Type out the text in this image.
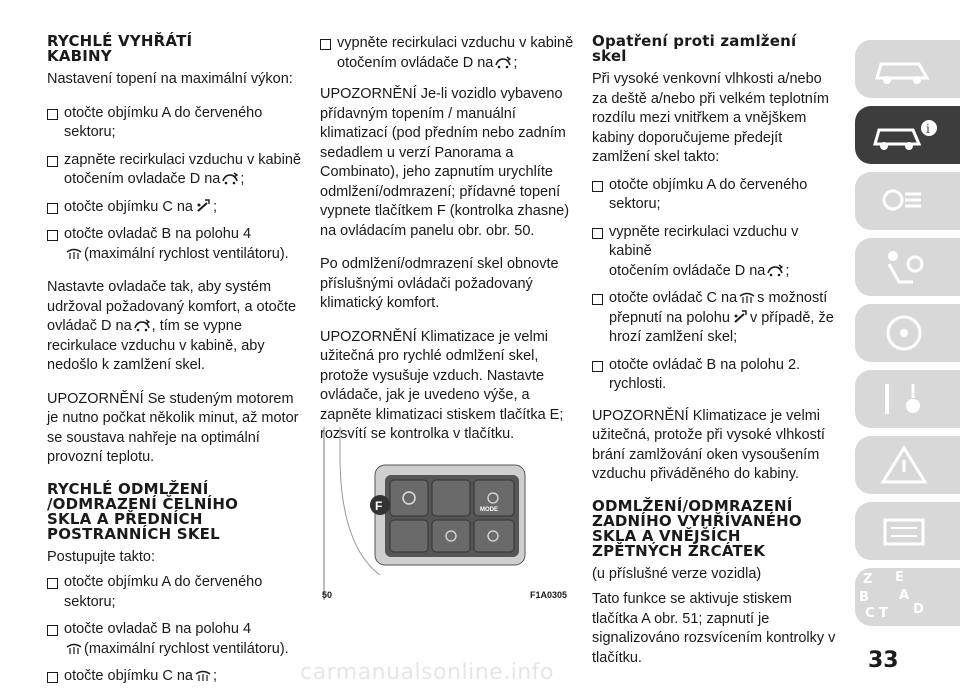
RYCHLÉ VYHŘÁTÍ
KABINY

Nastavení topení na maximální výkon:

otočte objímku A do červeného
sektoru;
zapněte recirkulaci vzduchu v kabině
otočením ovladače D na ;
otočte objímku C na ;
otočte ovladač B na polohu 4
(maximální rychlost ventilátoru).

Nastavte ovladače tak, aby systém udržoval požadovaný komfort, a otočte ovládač D na , tím se vypne recirkulace vzduchu v kabině, aby nedošlo k zamlžení skel.

UPOZORNĚNÍ Se studeným motorem je nutno počkat několik minut, až motor se soustava nahřeje na optimální provozní teplotu.

RYCHLÉ ODMLŽENÍ
/ODMRAZENÍ ČELNÍHO
SKLA A PŘEDNÍCH
POSTRANNÍCH SKEL

Postupujte takto:

otočte objímku A do červeného
sektoru;
otočte ovladač B na polohu 4
(maximální rychlost ventilátoru).
otočte objímku C na ;
vypněte recirkulaci vzduchu v kabině
otočením ovládače D na ;

UPOZORNĚNÍ Je-li vozidlo vybaveno přídavným topením / manuální klimatizací (pod předním nebo zadním sedadlem u verzí Panorama a Combinato), jeho zapnutím urychlíte odmlžení/odmrazení; přídavné topení vypnete tlačítkem F (kontrolka zhasne) na ovládacím panelu obr. obr. 50.

Po odmlžení/odmrazení skel obnovte příslušnými ovládači požadovaný klimatický komfort.

UPOZORNĚNÍ Klimatizace je velmi užitečná pro rychlé odmlžení skel, protože vysušuje vzduch. Nastavte ovládače, jak je uvedeno výše, a zapněte klimatizaci stiskem tlačítka E; rozsvítí se kontrolka v tlačítku.

F	MODE
50	F1A0305
Opatření proti zamlžení
skel

Při vysoké venkovní vlhkosti a/nebo za deště a/nebo při velkém teplotním rozdílu mezi vnitřkem a vnějškem kabiny doporučujeme předejít zamlžení skel takto:

otočte objímku A do červeného
sektoru;
vypněte recirkulaci vzduchu v kabině
otočením ovládače D na ;
otočte ovládač C na s možností
přepnutí na polohu v případě, že
hrozí zamlžení skel;
otočte ovládač B na polohu 2.
rychlosti.

UPOZORNĚNÍ Klimatizace je velmi užitečná, protože při vysoké vlhkostí brání zamlžování oken vysoušením vzduchu přiváděného do kabiny.

ODMLŽENÍ/ODMRAZENÍ
ZADNÍHO VYHŘÍVANÉHO
SKLA A VNĚJŠÍCH
ZPĚTNÝCH ZRCÁTEK

(u příslušné verze vozidla)

Tato funkce se aktivuje stiskem tlačítka A obr. 51; zapnutí je signalizováno rozsvícením kontrolky v tlačítku.

i
Z E
A
B
C	D
T
carmanualsonline.info	33
